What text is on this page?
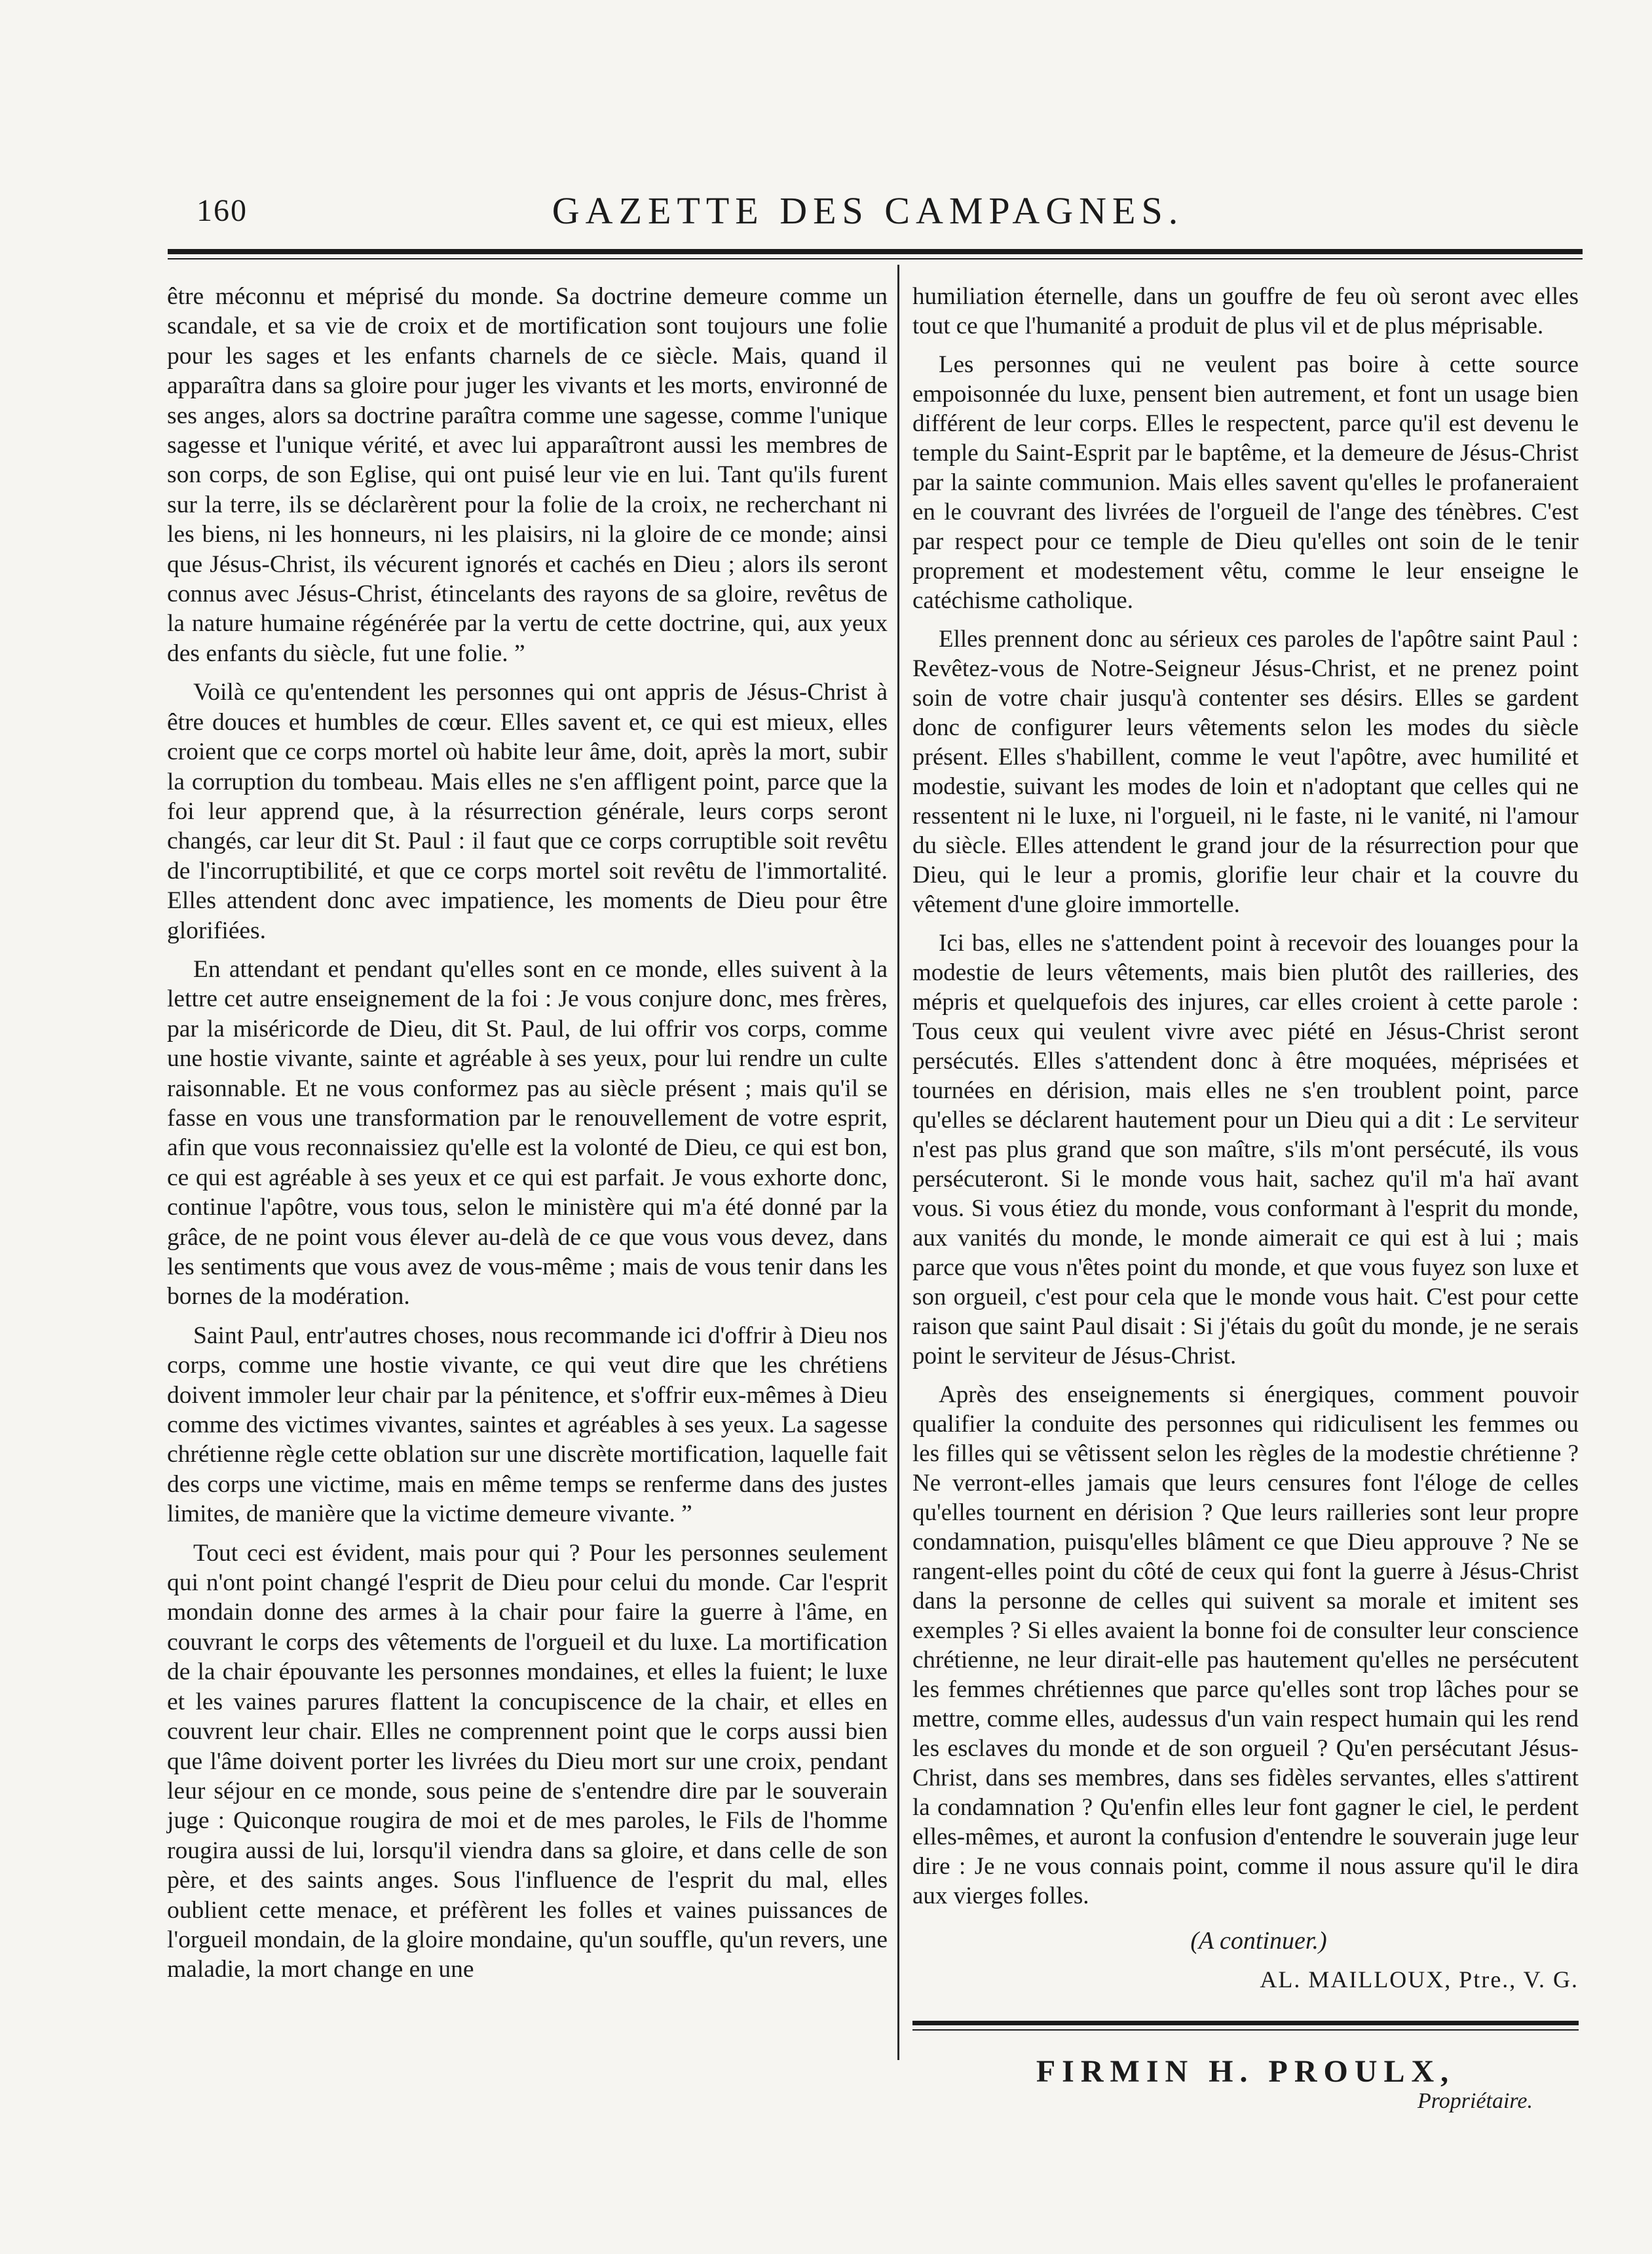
160	GAZETTE DES CAMPAGNES.

être méconnu et méprisé du monde. Sa doctrine demeure comme un scandale, et sa vie de croix et de mortification sont toujours une folie pour les sages et les enfants charnels de ce siècle. Mais, quand il apparaîtra dans sa gloire pour juger les vivants et les morts, environné de ses anges, alors sa doctrine paraîtra comme une sagesse, comme l'unique sagesse et l'unique vérité, et avec lui apparaîtront aussi les membres de son corps, de son Eglise, qui ont puisé leur vie en lui. Tant qu'ils furent sur la terre, ils se déclarèrent pour la folie de la croix, ne recherchant ni les biens, ni les honneurs, ni les plaisirs, ni la gloire de ce monde; ainsi que Jésus-Christ, ils vécurent ignorés et cachés en Dieu ; alors ils seront connus avec Jésus-Christ, étincelants des rayons de sa gloire, revêtus de la nature humaine régénérée par la vertu de cette doctrine, qui, aux yeux des enfants du siècle, fut une folie. ”

Voilà ce qu'entendent les personnes qui ont appris de Jésus-Christ à être douces et humbles de cœur. Elles savent et, ce qui est mieux, elles croient que ce corps mortel où habite leur âme, doit, après la mort, subir la corruption du tombeau. Mais elles ne s'en affligent point, parce que la foi leur apprend que, à la résurrection générale, leurs corps seront changés, car leur dit St. Paul : il faut que ce corps corruptible soit revêtu de l'incorruptibilité, et que ce corps mortel soit revêtu de l'immortalité. Elles attendent donc avec impatience, les moments de Dieu pour être glorifiées.

En attendant et pendant qu'elles sont en ce monde, elles suivent à la lettre cet autre enseignement de la foi : Je vous conjure donc, mes frères, par la miséricorde de Dieu, dit St. Paul, de lui offrir vos corps, comme une hostie vivante, sainte et agréable à ses yeux, pour lui rendre un culte raisonnable. Et ne vous conformez pas au siècle présent ; mais qu'il se fasse en vous une transformation par le renouvellement de votre esprit, afin que vous reconnaissiez qu'elle est la volonté de Dieu, ce qui est bon, ce qui est agréable à ses yeux et ce qui est parfait. Je vous exhorte donc, continue l'apôtre, vous tous, selon le ministère qui m'a été donné par la grâce, de ne point vous élever au-delà de ce que vous vous devez, dans les sentiments que vous avez de vous-même ; mais de vous tenir dans les bornes de la modération.

Saint Paul, entr'autres choses, nous recommande ici d'offrir à Dieu nos corps, comme une hostie vivante, ce qui veut dire que les chrétiens doivent immoler leur chair par la pénitence, et s'offrir eux-mêmes à Dieu comme des victimes vivantes, saintes et agréables à ses yeux. La sagesse chrétienne règle cette oblation sur une discrète mortification, laquelle fait des corps une victime, mais en même temps se renferme dans des justes limites, de manière que la victime demeure vivante. ”

Tout ceci est évident, mais pour qui ? Pour les personnes seulement qui n'ont point changé l'esprit de Dieu pour celui du monde. Car l'esprit mondain donne des armes à la chair pour faire la guerre à l'âme, en couvrant le corps des vêtements de l'orgueil et du luxe. La mortification de la chair épouvante les personnes mondaines, et elles la fuient; le luxe et les vaines parures flattent la concupiscence de la chair, et elles en couvrent leur chair. Elles ne comprennent point que le corps aussi bien que l'âme doivent porter les livrées du Dieu mort sur une croix, pendant leur séjour en ce monde, sous peine de s'entendre dire par le souverain juge : Quiconque rougira de moi et de mes paroles, le Fils de l'homme rougira aussi de lui, lorsqu'il viendra dans sa gloire, et dans celle de son père, et des saints anges. Sous l'influence de l'esprit du mal, elles oublient cette menace, et préfèrent les folles et vaines puissances de l'orgueil mondain, de la gloire mondaine, qu'un souffle, qu'un revers, une maladie, la mort change en une

humiliation éternelle, dans un gouffre de feu où seront avec elles tout ce que l'humanité a produit de plus vil et de plus méprisable.

Les personnes qui ne veulent pas boire à cette source empoisonnée du luxe, pensent bien autrement, et font un usage bien différent de leur corps. Elles le respectent, parce qu'il est devenu le temple du Saint-Esprit par le baptême, et la demeure de Jésus-Christ par la sainte communion. Mais elles savent qu'elles le profaneraient en le couvrant des livrées de l'orgueil de l'ange des ténèbres. C'est par respect pour ce temple de Dieu qu'elles ont soin de le tenir proprement et modestement vêtu, comme le leur enseigne le catéchisme catholique.

Elles prennent donc au sérieux ces paroles de l'apôtre saint Paul : Revêtez-vous de Notre-Seigneur Jésus-Christ, et ne prenez point soin de votre chair jusqu'à contenter ses désirs. Elles se gardent donc de configurer leurs vêtements selon les modes du siècle présent. Elles s'habillent, comme le veut l'apôtre, avec humilité et modestie, suivant les modes de loin et n'adoptant que celles qui ne ressentent ni le luxe, ni l'orgueil, ni le faste, ni le vanité, ni l'amour du siècle. Elles attendent le grand jour de la résurrection pour que Dieu, qui le leur a promis, glorifie leur chair et la couvre du vêtement d'une gloire immortelle.

Ici bas, elles ne s'attendent point à recevoir des louanges pour la modestie de leurs vêtements, mais bien plutôt des railleries, des mépris et quelquefois des injures, car elles croient à cette parole : Tous ceux qui veulent vivre avec piété en Jésus-Christ seront persécutés. Elles s'attendent donc à être moquées, méprisées et tournées en dérision, mais elles ne s'en troublent point, parce qu'elles se déclarent hautement pour un Dieu qui a dit : Le serviteur n'est pas plus grand que son maître, s'ils m'ont persécuté, ils vous persécuteront. Si le monde vous hait, sachez qu'il m'a haï avant vous. Si vous étiez du monde, vous conformant à l'esprit du monde, aux vanités du monde, le monde aimerait ce qui est à lui ; mais parce que vous n'êtes point du monde, et que vous fuyez son luxe et son orgueil, c'est pour cela que le monde vous hait. C'est pour cette raison que saint Paul disait : Si j'étais du goût du monde, je ne serais point le serviteur de Jésus-Christ.

Après des enseignements si énergiques, comment pouvoir qualifier la conduite des personnes qui ridiculisent les femmes ou les filles qui se vêtissent selon les règles de la modestie chrétienne ? Ne verront-elles jamais que leurs censures font l'éloge de celles qu'elles tournent en dérision ? Que leurs railleries sont leur propre condamnation, puisqu'elles blâment ce que Dieu approuve ? Ne se rangent-elles point du côté de ceux qui font la guerre à Jésus-Christ dans la personne de celles qui suivent sa morale et imitent ses exemples ? Si elles avaient la bonne foi de consulter leur conscience chrétienne, ne leur dirait-elle pas hautement qu'elles ne persécutent les femmes chrétiennes que parce qu'elles sont trop lâches pour se mettre, comme elles, audessus d'un vain respect humain qui les rend les esclaves du monde et de son orgueil ? Qu'en persécutant Jésus-Christ, dans ses membres, dans ses fidèles servantes, elles s'attirent la condamnation ? Qu'enfin elles leur font gagner le ciel, le perdent elles-mêmes, et auront la confusion d'entendre le souverain juge leur dire : Je ne vous connais point, comme il nous assure qu'il le dira aux vierges folles.

(A continuer.)

AL. MAILLOUX, Ptre., V. G.

FIRMIN H. PROULX,
Propriétaire.
